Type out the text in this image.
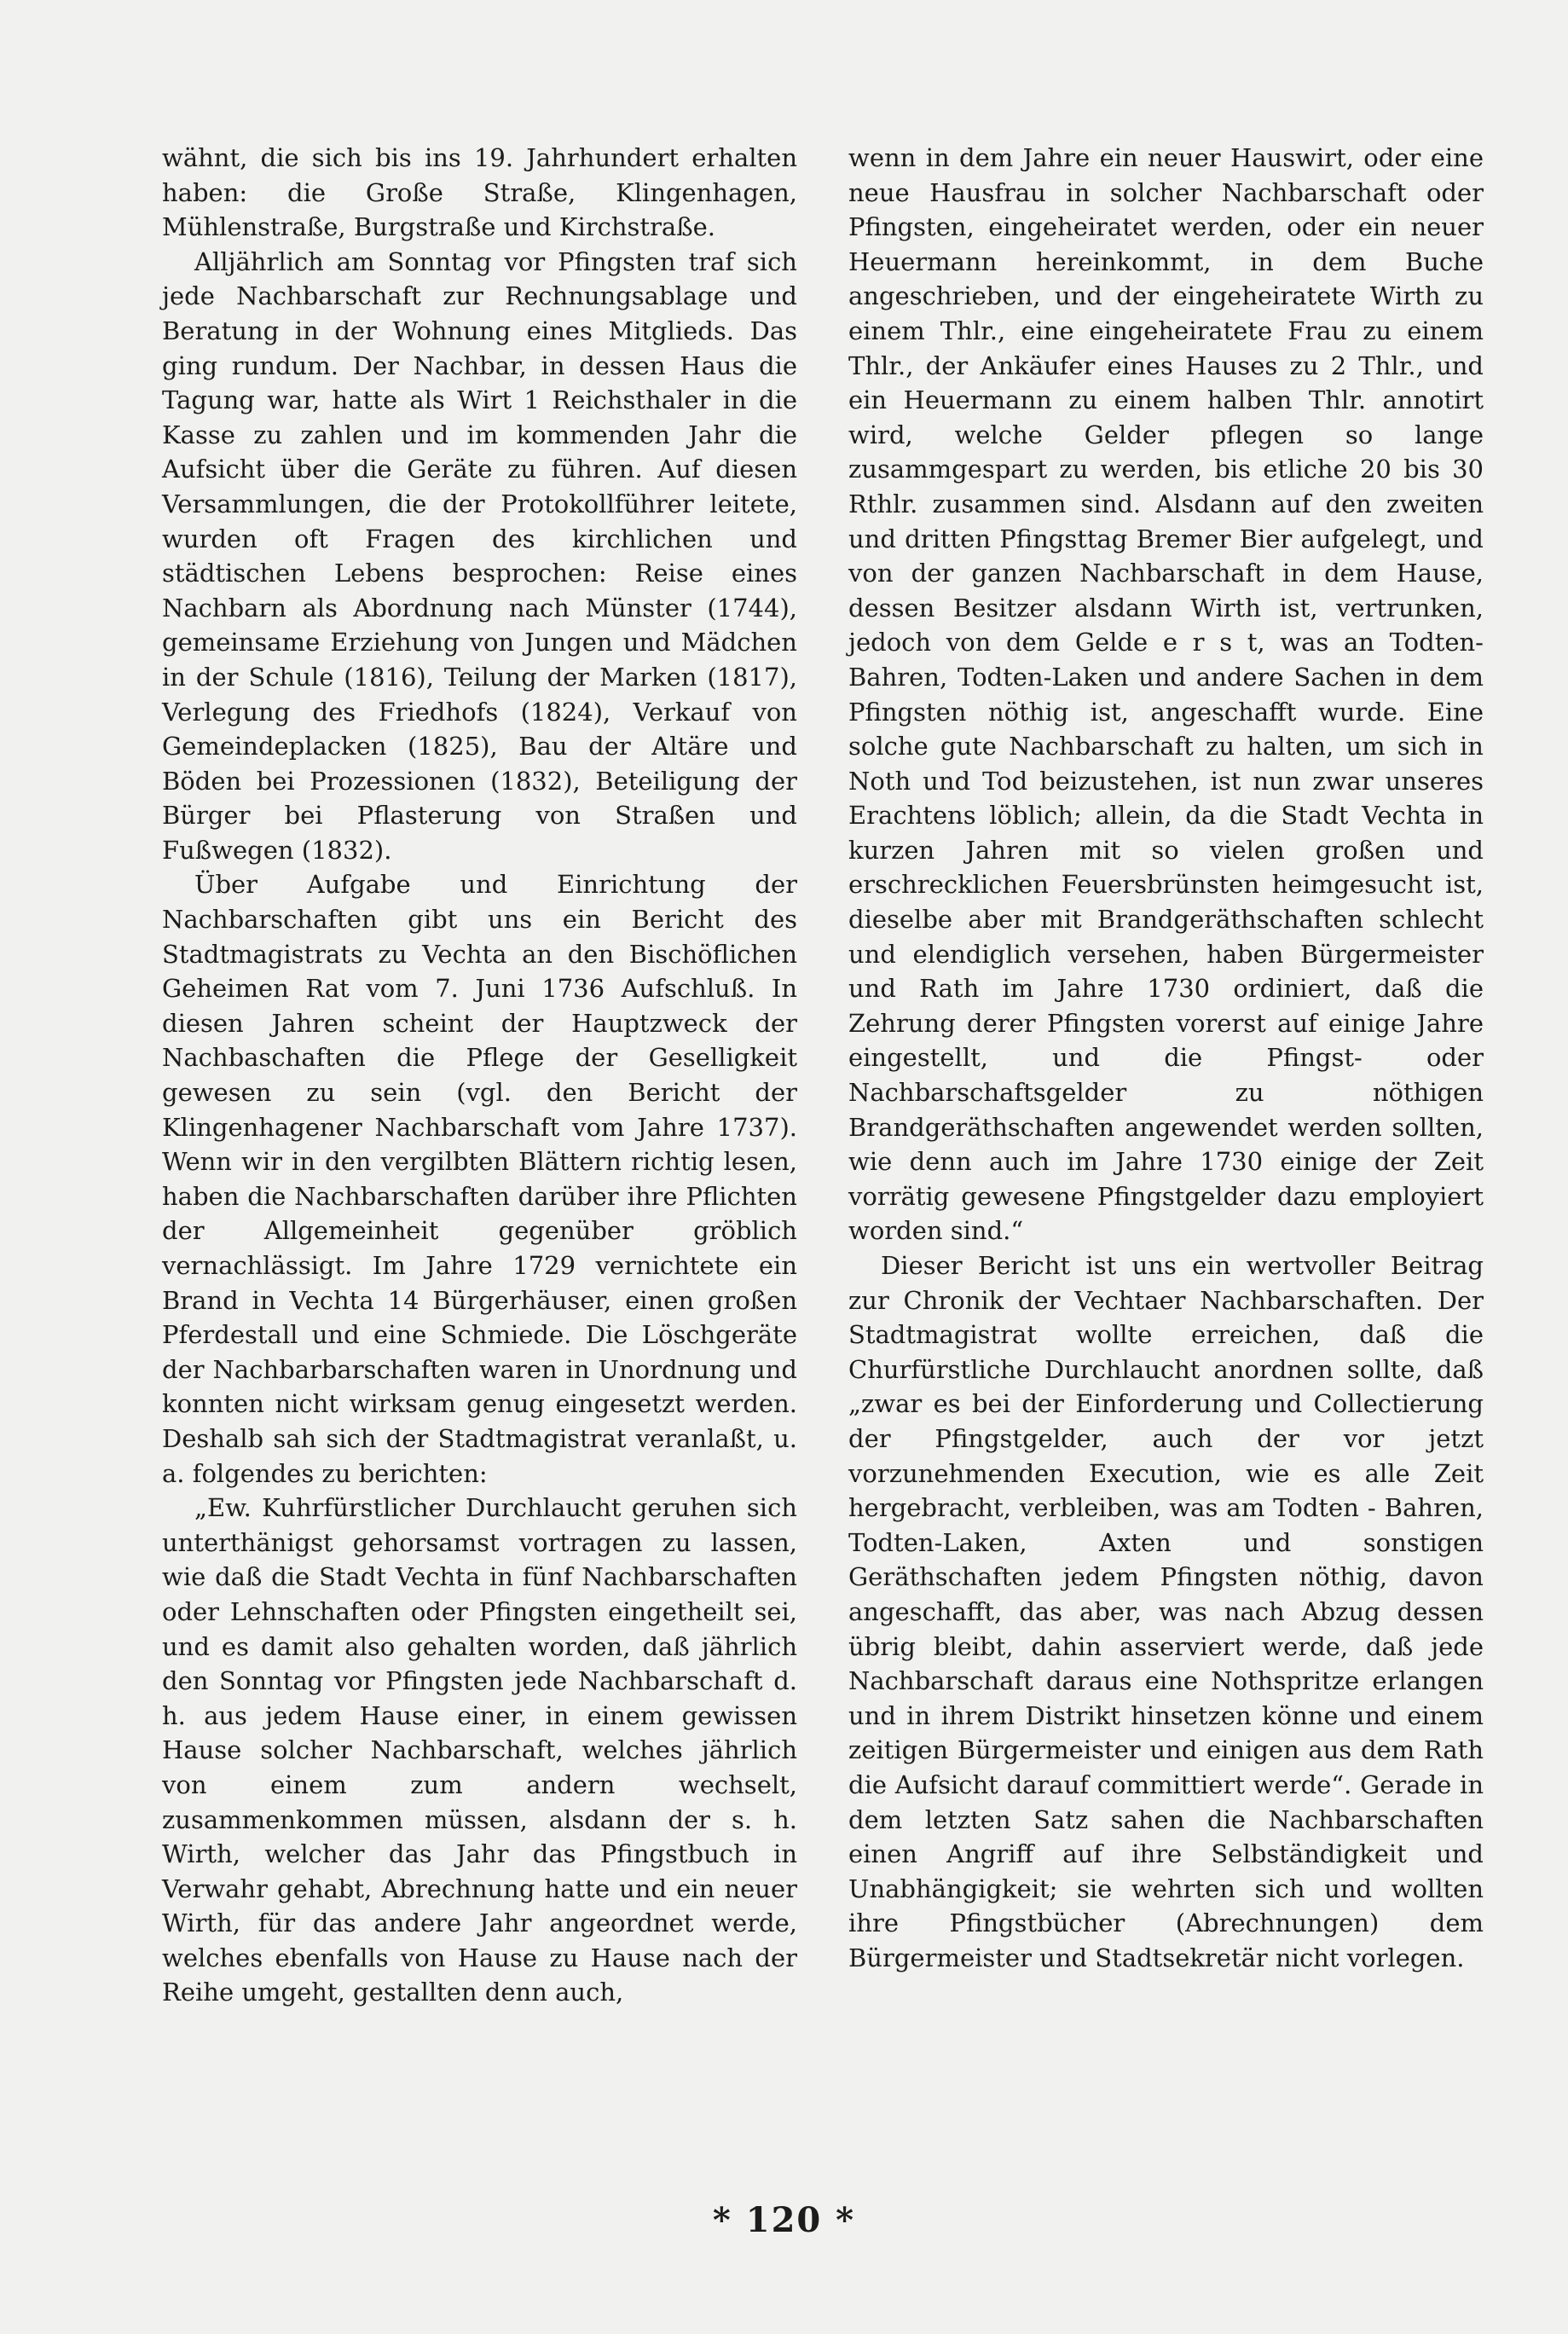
wähnt, die sich bis ins 19. Jahrhundert erhalten haben: die Große Straße, Klingenhagen, Mühlenstraße, Burgstraße und Kirchstraße.

Alljährlich am Sonntag vor Pfingsten traf sich jede Nachbarschaft zur Rechnungsablage und Beratung in der Wohnung eines Mitglieds. Das ging rundum. Der Nachbar, in dessen Haus die Tagung war, hatte als Wirt 1 Reichsthaler in die Kasse zu zahlen und im kommenden Jahr die Aufsicht über die Geräte zu führen. Auf diesen Versammlungen, die der Protokollführer leitete, wurden oft Fragen des kirchlichen und städtischen Lebens besprochen: Reise eines Nachbarn als Abordnung nach Münster (1744), gemeinsame Erziehung von Jungen und Mädchen in der Schule (1816), Teilung der Marken (1817), Verlegung des Friedhofs (1824), Verkauf von Gemeindeplacken (1825), Bau der Altäre und Böden bei Prozessionen (1832), Beteiligung der Bürger bei Pflasterung von Straßen und Fußwegen (1832).

Über Aufgabe und Einrichtung der Nachbarschaften gibt uns ein Bericht des Stadtmagistrats zu Vechta an den Bischöflichen Geheimen Rat vom 7. Juni 1736 Aufschluß. In diesen Jahren scheint der Hauptzweck der Nachbaschaften die Pflege der Geselligkeit gewesen zu sein (vgl. den Bericht der Klingenhagener Nachbarschaft vom Jahre 1737). Wenn wir in den vergilbten Blättern richtig lesen, haben die Nachbarschaften darüber ihre Pflichten der Allgemeinheit gegenüber gröblich vernachlässigt. Im Jahre 1729 vernichtete ein Brand in Vechta 14 Bürgerhäuser, einen großen Pferdestall und eine Schmiede. Die Löschgeräte der Nachbarbarschaften waren in Unordnung und konnten nicht wirksam genug eingesetzt werden. Deshalb sah sich der Stadtmagistrat veranlaßt, u. a. folgendes zu berichten:

„Ew. Kuhrfürstlicher Durchlaucht geruhen sich unterthänigst gehorsamst vortragen zu lassen, wie daß die Stadt Vechta in fünf Nachbarschaften oder Lehnschaften oder Pfingsten eingetheilt sei, und es damit also gehalten worden, daß jährlich den Sonntag vor Pfingsten jede Nachbarschaft d. h. aus jedem Hause einer, in einem gewissen Hause solcher Nachbarschaft, welches jährlich von einem zum andern wechselt, zusammenkommen müssen, alsdann der s. h. Wirth, welcher das Jahr das Pfingstbuch in Verwahr gehabt, Abrechnung hatte und ein neuer Wirth, für das andere Jahr angeordnet werde, welches ebenfalls von Hause zu Hause nach der Reihe umgeht, gestallten denn auch,

wenn in dem Jahre ein neuer Hauswirt, oder eine neue Hausfrau in solcher Nachbarschaft oder Pfingsten, eingeheiratet werden, oder ein neuer Heuermann hereinkommt, in dem Buche angeschrieben, und der eingeheiratete Wirth zu einem Thlr., eine eingeheiratete Frau zu einem Thlr., der Ankäufer eines Hauses zu 2 Thlr., und ein Heuermann zu einem halben Thlr. annotirt wird, welche Gelder pflegen so lange zusammgespart zu werden, bis etliche 20 bis 30 Rthlr. zusammen sind. Alsdann auf den zweiten und dritten Pfingsttag Bremer Bier aufgelegt, und von der ganzen Nachbarschaft in dem Hause, dessen Besitzer alsdann Wirth ist, vertrunken, jedoch von dem Gelde e r s t, was an Todten-Bahren, Todten-Laken und andere Sachen in dem Pfingsten nöthig ist, angeschafft wurde. Eine solche gute Nachbarschaft zu halten, um sich in Noth und Tod beizustehen, ist nun zwar unseres Erachtens löblich; allein, da die Stadt Vechta in kurzen Jahren mit so vielen großen und erschrecklichen Feuersbrünsten heimgesucht ist, dieselbe aber mit Brandgeräthschaften schlecht und elendiglich versehen, haben Bürgermeister und Rath im Jahre 1730 ordiniert, daß die Zehrung derer Pfingsten vorerst auf einige Jahre eingestellt, und die Pfingst- oder Nachbarschaftsgelder zu nöthigen Brandgeräthschaften angewendet werden sollten, wie denn auch im Jahre 1730 einige der Zeit vorrätig gewesene Pfingstgelder dazu employiert worden sind.“

Dieser Bericht ist uns ein wertvoller Beitrag zur Chronik der Vechtaer Nachbarschaften. Der Stadtmagistrat wollte erreichen, daß die Churfürstliche Durchlaucht anordnen sollte, daß „zwar es bei der Einforderung und Collectierung der Pfingstgelder, auch der vor jetzt vorzunehmenden Execution, wie es alle Zeit hergebracht, verbleiben, was am Todten - Bahren, Todten-Laken, Axten und sonstigen Geräthschaften jedem Pfingsten nöthig, davon angeschafft, das aber, was nach Abzug dessen übrig bleibt, dahin asserviert werde, daß jede Nachbarschaft daraus eine Nothspritze erlangen und in ihrem Distrikt hinsetzen könne und einem zeitigen Bürgermeister und einigen aus dem Rath die Aufsicht darauf committiert werde“. Gerade in dem letzten Satz sahen die Nachbarschaften einen Angriff auf ihre Selbständigkeit und Unabhängigkeit; sie wehrten sich und wollten ihre Pfingstbücher (Abrechnungen) dem Bürgermeister und Stadtsekretär nicht vorlegen.

* 120 *
